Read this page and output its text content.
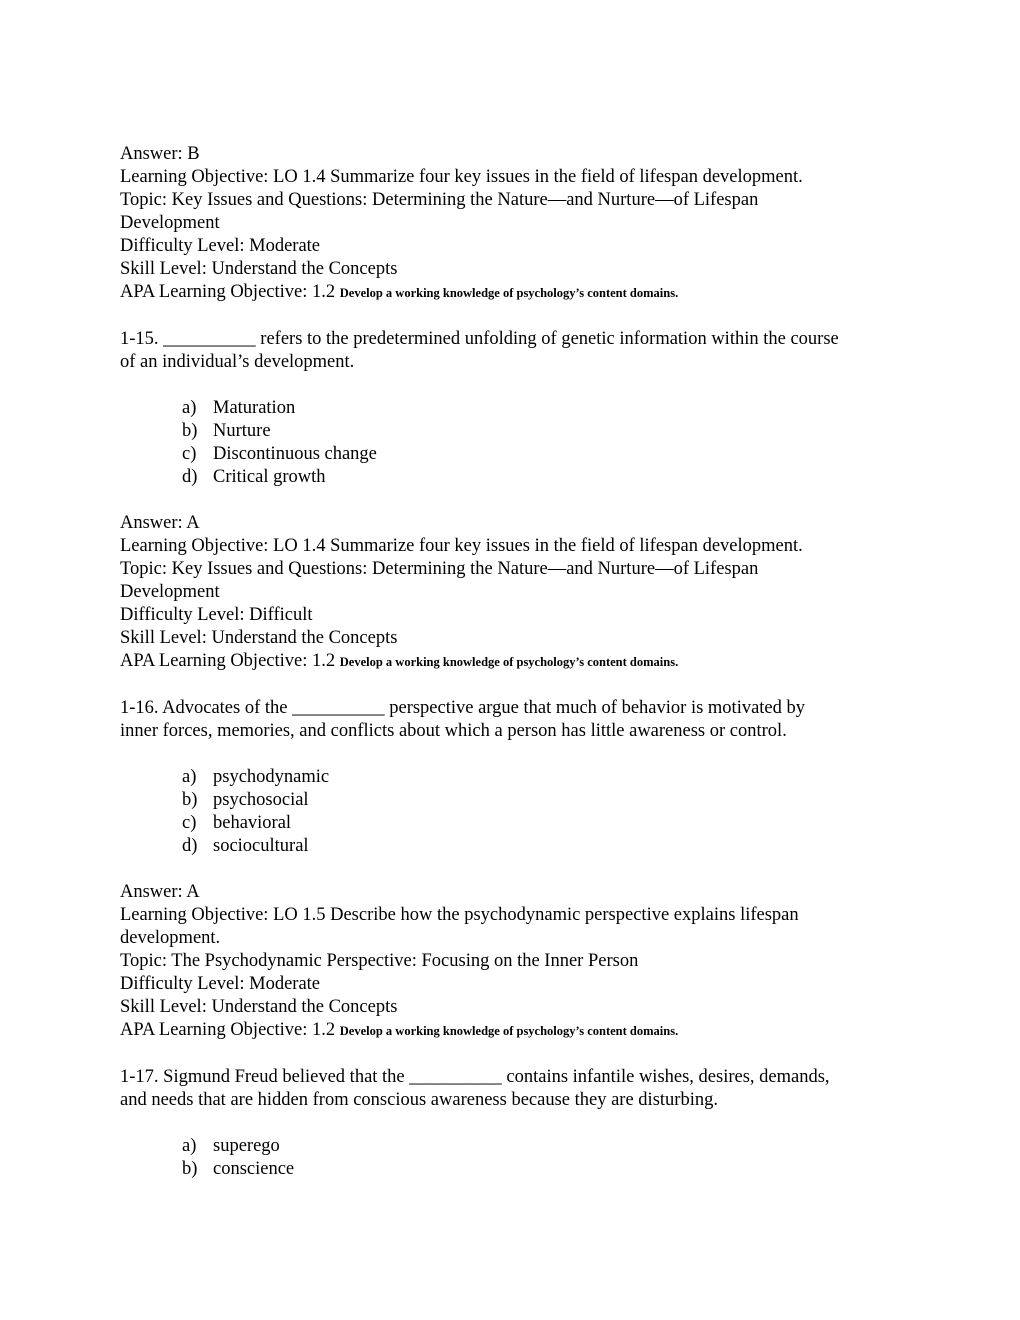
Answer: B
Learning Objective: LO 1.4 Summarize four key issues in the field of lifespan development.
Topic: Key Issues and Questions: Determining the Nature—and Nurture—of Lifespan
Development
Difficulty Level: Moderate
Skill Level: Understand the Concepts
APA Learning Objective: 1.2 Develop a working knowledge of psychology’s content domains.
1-15. __________ refers to the predetermined unfolding of genetic information within the course
of an individual’s development.
a) Maturation
b) Nurture
c) Discontinuous change
d) Critical growth
Answer: A
Learning Objective: LO 1.4 Summarize four key issues in the field of lifespan development.
Topic: Key Issues and Questions: Determining the Nature—and Nurture—of Lifespan
Development
Difficulty Level: Difficult
Skill Level: Understand the Concepts
APA Learning Objective: 1.2 Develop a working knowledge of psychology’s content domains.
1-16. Advocates of the __________ perspective argue that much of behavior is motivated by
inner forces, memories, and conflicts about which a person has little awareness or control.
a) psychodynamic
b) psychosocial
c) behavioral
d) sociocultural
Answer: A
Learning Objective: LO 1.5 Describe how the psychodynamic perspective explains lifespan
development.
Topic: The Psychodynamic Perspective: Focusing on the Inner Person
Difficulty Level: Moderate
Skill Level: Understand the Concepts
APA Learning Objective: 1.2 Develop a working knowledge of psychology’s content domains.
1-17. Sigmund Freud believed that the __________ contains infantile wishes, desires, demands,
and needs that are hidden from conscious awareness because they are disturbing.
a) superego
b) conscience
